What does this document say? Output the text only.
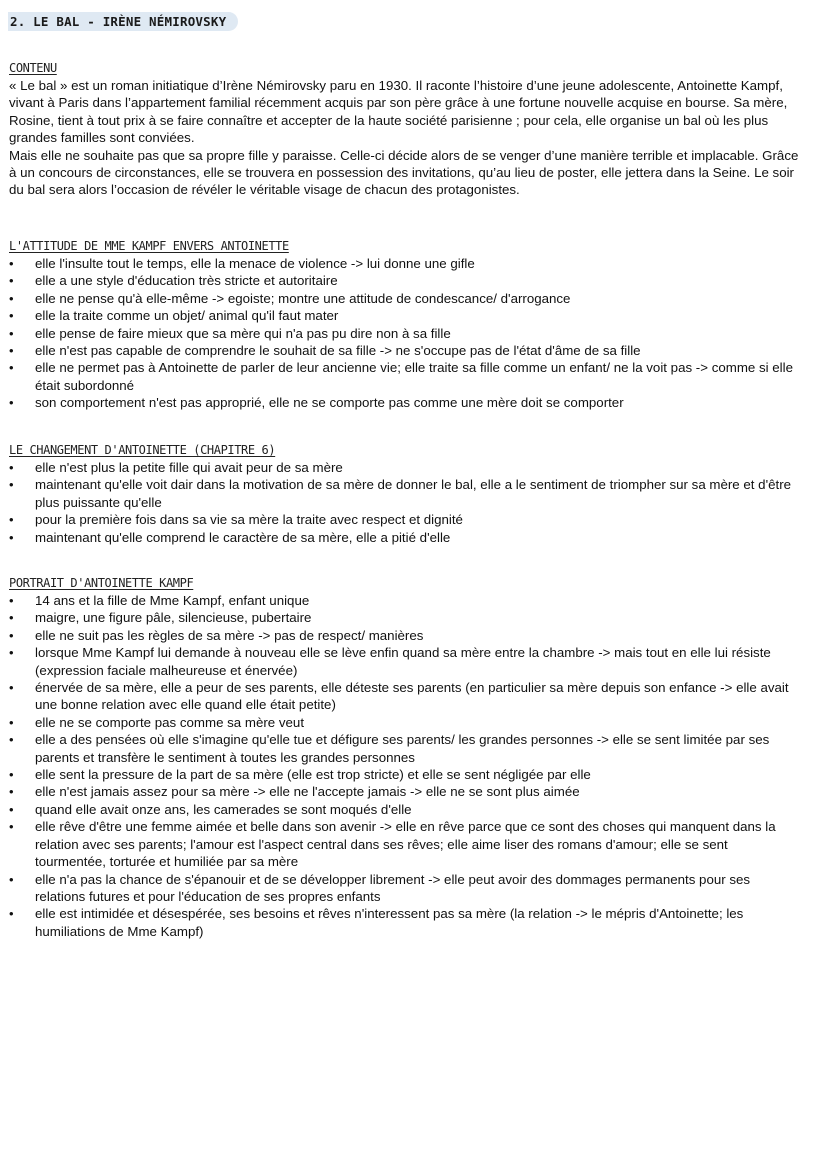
2. LE BAL - IRÈNE NÉMIROVSKY
CONTENU

« Le bal » est un roman initiatique d’Irène Némirovsky paru en 1930. Il raconte l’histoire d’une jeune adolescente, Antoinette Kampf, vivant à Paris dans l’appartement familial récemment acquis par son père grâce à une fortune nouvelle acquise en bourse. Sa mère, Rosine, tient à tout prix à se faire connaître et accepter de la haute société parisienne ; pour cela, elle organise un bal où les plus grandes familles sont conviées.

Mais elle ne souhaite pas que sa propre fille y paraisse. Celle-ci décide alors de se venger d’une manière terrible et implacable. Grâce à un concours de circonstances, elle se trouvera en possession des invitations, qu’au lieu de poster, elle jettera dans la Seine. Le soir du bal sera alors l’occasion de révéler le véritable visage de chacun des protagonistes.

L'ATTITUDE DE MME KAMPF ENVERS ANTOINETTE
• elle l'insulte tout le temps, elle la menace de violence -> lui donne une gifle
• elle a une style d'éducation très stricte et autoritaire
• elle ne pense qu'à elle-même -> egoiste; montre une attitude de condescance/ d'arrogance
• elle la traite comme un objet/ animal qu'il faut mater
• elle pense de faire mieux que sa mère qui n'a pas pu dire non à sa fille
• elle n'est pas capable de comprendre le souhait de sa fille -> ne s'occupe pas de l'état d'âme de sa fille
• elle ne permet pas à Antoinette de parler de leur ancienne vie; elle traite sa fille comme un enfant/ ne la voit pas -> comme si elle était subordonné
• son comportement n'est pas approprié, elle ne se comporte pas comme une mère doit se comporter
LE CHANGEMENT D'ANTOINETTE (CHAPITRE 6)
• elle n'est plus la petite fille qui avait peur de sa mère
• maintenant qu'elle voit dair dans la motivation de sa mère de donner le bal, elle a le sentiment de triompher sur sa mère et d'être plus puissante qu'elle
• pour la première fois dans sa vie sa mère la traite avec respect et dignité
• maintenant qu'elle comprend le caractère de sa mère, elle a pitié d'elle
PORTRAIT D'ANTOINETTE KAMPF
• 14 ans et la fille de Mme Kampf, enfant unique
• maigre, une figure pâle, silencieuse, pubertaire
• elle ne suit pas les règles de sa mère -> pas de respect/ manières
• lorsque Mme Kampf lui demande à nouveau elle se lève enfin quand sa mère entre la chambre -> mais tout en elle lui résiste (expression faciale malheureuse et énervée)
• énervée de sa mère, elle a peur de ses parents, elle déteste ses parents (en particulier sa mère depuis son enfance -> elle avait une bonne relation avec elle quand elle était petite)
• elle ne se comporte pas comme sa mère veut
• elle a des pensées où elle s'imagine qu'elle tue et défigure ses parents/ les grandes personnes -> elle se sent limitée par ses parents et transfère le sentiment à toutes les grandes personnes
• elle sent la pressure de la part de sa mère (elle est trop stricte) et elle se sent négligée par elle
• elle n'est jamais assez pour sa mère -> elle ne l'accepte jamais -> elle ne se sont plus aimée
• quand elle avait onze ans, les camerades se sont moqués d'elle
• elle rêve d'être une femme aimée et belle dans son avenir -> elle en rêve parce que ce sont des choses qui manquent dans la relation avec ses parents; l'amour est l'aspect central dans ses rêves; elle aime liser des romans d'amour; elle se sent tourmentée, torturée et humiliée par sa mère
• elle n'a pas la chance de s'épanouir et de se développer librement -> elle peut avoir des dommages permanents pour ses relations futures et pour l'éducation de ses propres enfants
• elle est intimidée et désespérée, ses besoins et rêves n'interessent pas sa mère (la relation -> le mépris d'Antoinette; les humiliations de Mme Kampf)
